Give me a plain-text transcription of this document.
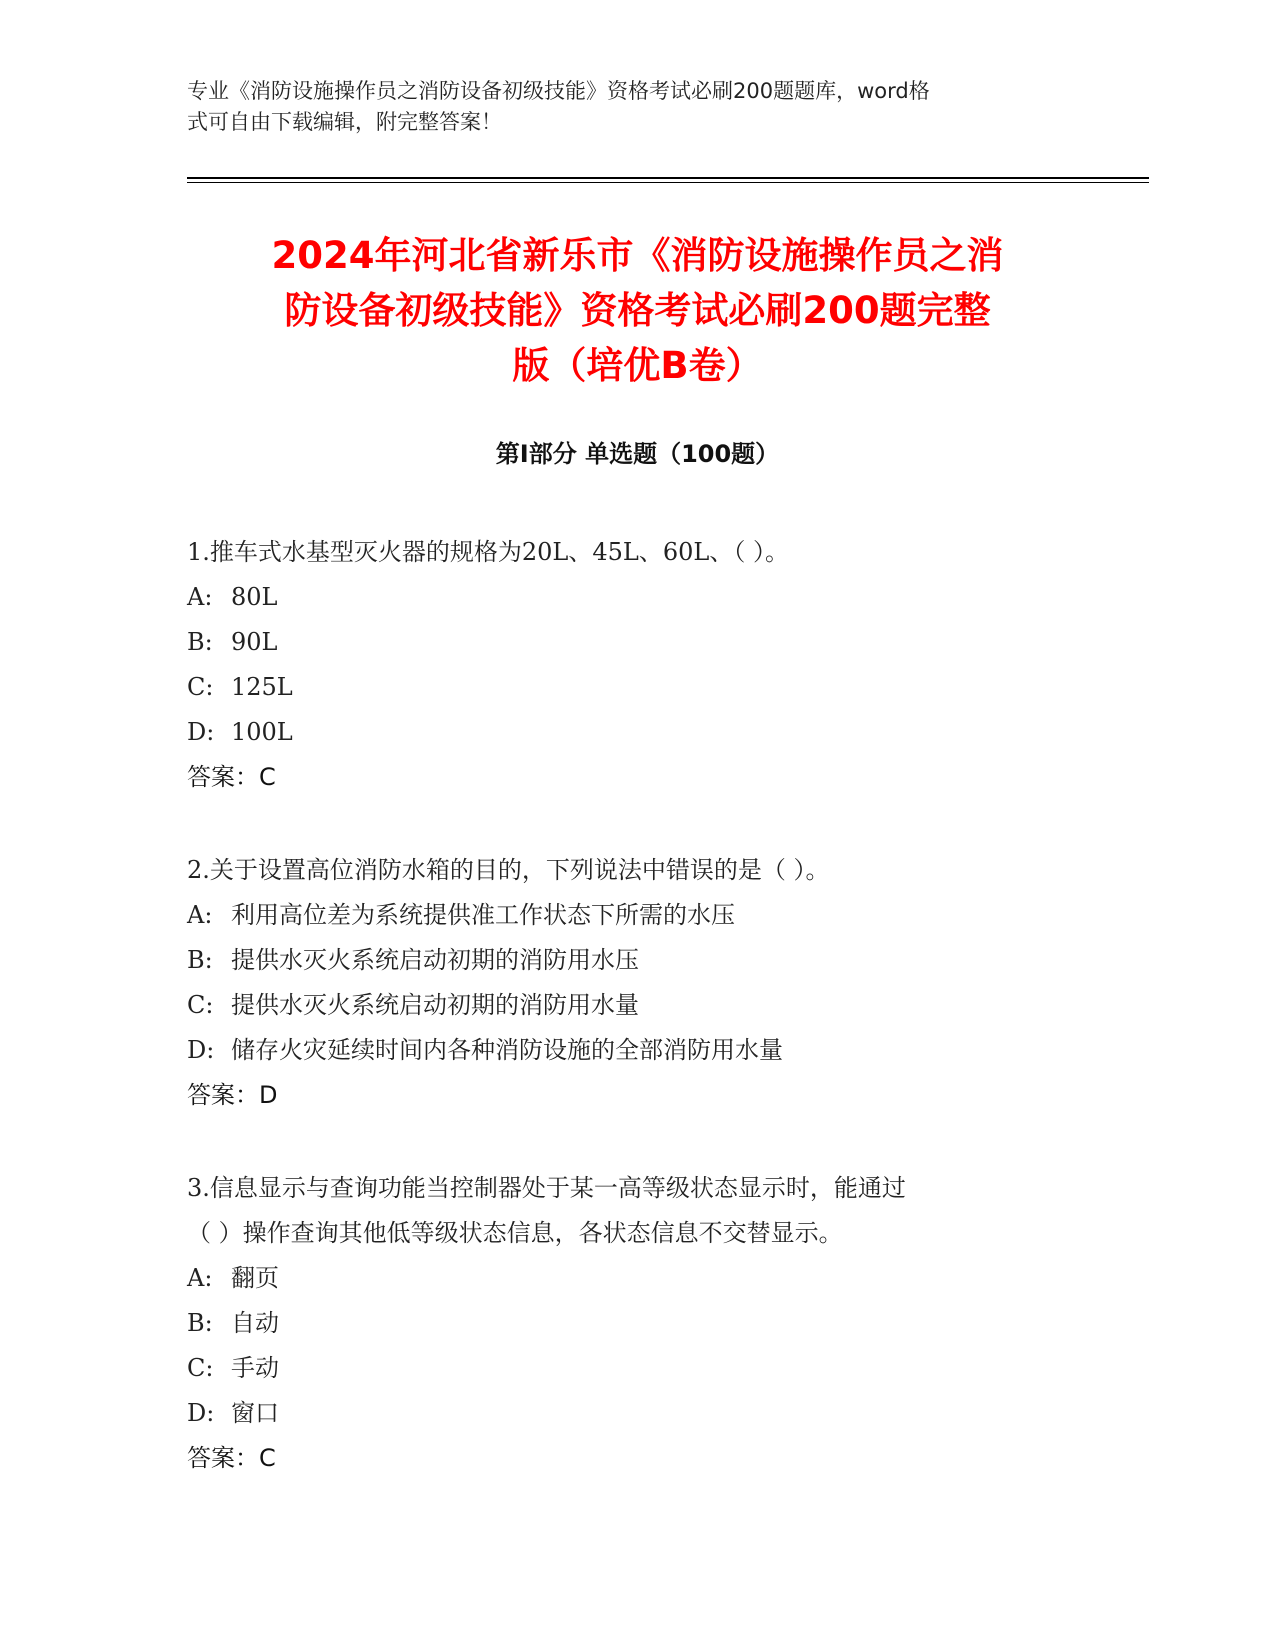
专业《消防设施操作员之消防设备初级技能》资格考试必刷200题题库，word格
式可自由下载编辑，附完整答案！
2024年河北省新乐市《消防设施操作员之消
防设备初级技能》资格考试必刷200题完整
版（培优B卷）
第Ⅰ部分 单选题（100题）
1.推车式水基型灭火器的规格为20L、45L、60L、（ ）。
A: 80L
B: 90L
C: 125L
D: 100L
答案：C
2.关于设置高位消防水箱的目的，下列说法中错误的是（ ）。
A: 利用高位差为系统提供准工作状态下所需的水压
B: 提供水灭火系统启动初期的消防用水压
C: 提供水灭火系统启动初期的消防用水量
D: 储存火灾延续时间内各种消防设施的全部消防用水量
答案：D
3.信息显示与查询功能当控制器处于某一高等级状态显示时，能通过
（ ）操作查询其他低等级状态信息，各状态信息不交替显示。
A: 翻页
B: 自动
C: 手动
D: 窗口
答案：C
